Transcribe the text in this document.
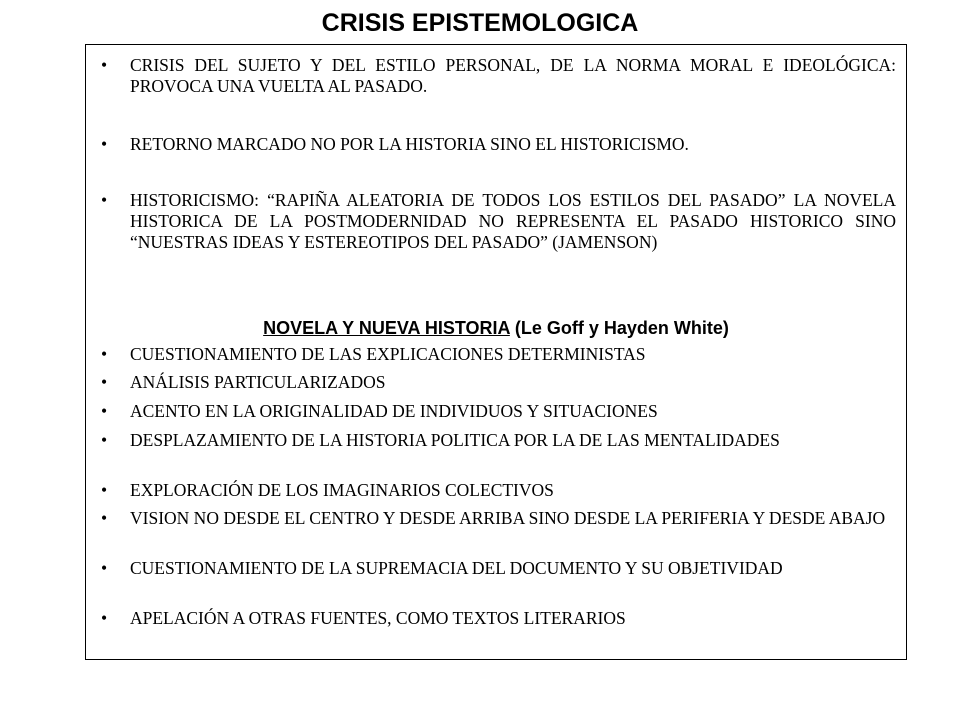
CRISIS EPISTEMOLOGICA
• CRISIS DEL SUJETO Y DEL ESTILO PERSONAL, DE LA NORMA MORAL E IDEOLÓGICA: PROVOCA UNA VUELTA AL PASADO.
• RETORNO MARCADO NO POR LA HISTORIA SINO EL HISTORICISMO.
• HISTORICISMO: “RAPIÑA ALEATORIA DE TODOS LOS ESTILOS DEL PASADO” LA NOVELA HISTORICA DE LA POSTMODERNIDAD NO REPRESENTA EL PASADO HISTORICO SINO “NUESTRAS IDEAS Y ESTEREOTIPOS DEL PASADO” (JAMENSON)

NOVELA Y NUEVA HISTORIA (Le Goff y Hayden White)

• CUESTIONAMIENTO DE LAS EXPLICACIONES DETERMINISTAS
• ANÁLISIS PARTICULARIZADOS
• ACENTO EN LA ORIGINALIDAD DE INDIVIDUOS Y SITUACIONES
• DESPLAZAMIENTO DE LA HISTORIA POLITICA POR LA DE LAS MENTALIDADES
• EXPLORACIÓN DE LOS IMAGINARIOS COLECTIVOS
• VISION NO DESDE EL CENTRO Y DESDE ARRIBA SINO DESDE LA PERIFERIA Y DESDE ABAJO
• CUESTIONAMIENTO DE LA SUPREMACIA DEL DOCUMENTO Y SU OBJETIVIDAD
• APELACIÓN A OTRAS FUENTES, COMO TEXTOS LITERARIOS
